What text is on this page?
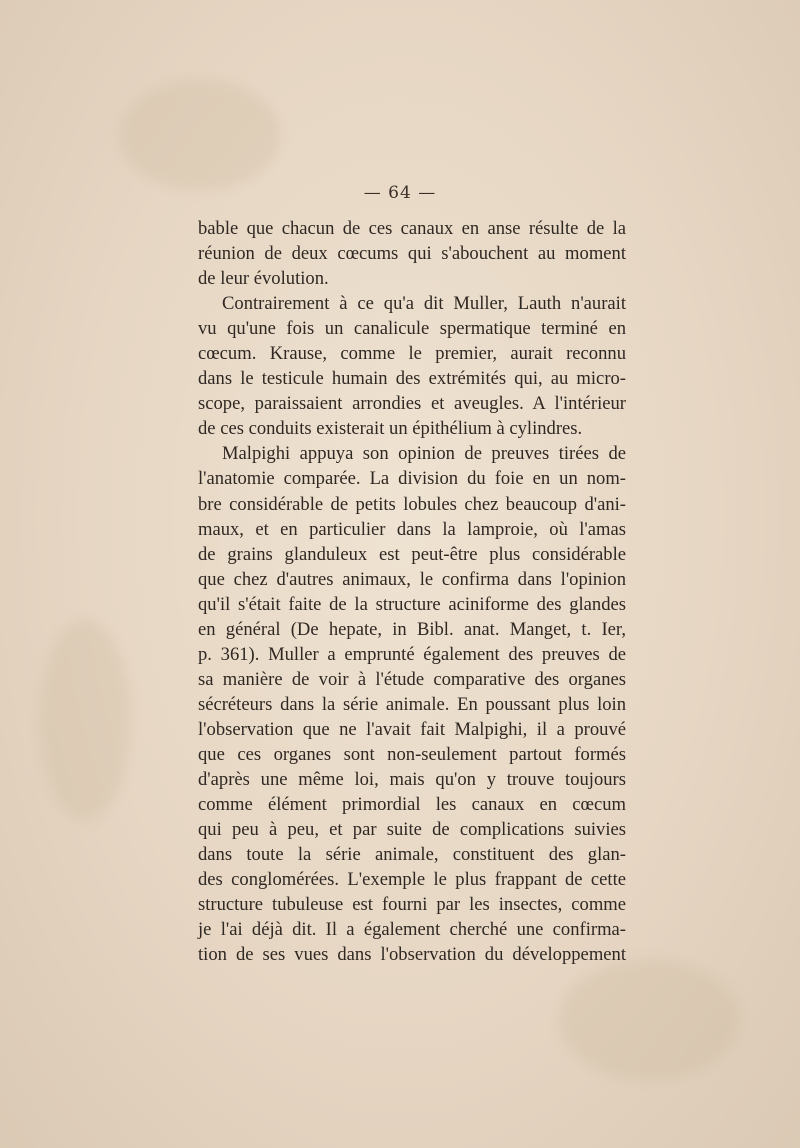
— 64 —
bable que chacun de ces canaux en anse résulte de la
réunion de deux cœcums qui s'abouchent au moment
de leur évolution.
Contrairement à ce qu'a dit Muller, Lauth n'aurait
vu qu'une fois un canalicule spermatique terminé en
cœcum. Krause, comme le premier, aurait reconnu
dans le testicule humain des extrémités qui, au micro-
scope, paraissaient arrondies et aveugles. A l'intérieur
de ces conduits existerait un épithélium à cylindres.
Malpighi appuya son opinion de preuves tirées de
l'anatomie comparée. La division du foie en un nom-
bre considérable de petits lobules chez beaucoup d'ani-
maux, et en particulier dans la lamproie, où l'amas
de grains glanduleux est peut-être plus considérable
que chez d'autres animaux, le confirma dans l'opinion
qu'il s'était faite de la structure aciniforme des glandes
en général (De hepate, in Bibl. anat. Manget, t. Ier,
p. 361). Muller a emprunté également des preuves de
sa manière de voir à l'étude comparative des organes
sécréteurs dans la série animale. En poussant plus loin
l'observation que ne l'avait fait Malpighi, il a prouvé
que ces organes sont non-seulement partout formés
d'après une même loi, mais qu'on y trouve toujours
comme élément primordial les canaux en cœcum
qui peu à peu, et par suite de complications suivies
dans toute la série animale, constituent des glan-
des conglomérées. L'exemple le plus frappant de cette
structure tubuleuse est fourni par les insectes, comme
je l'ai déjà dit. Il a également cherché une confirma-
tion de ses vues dans l'observation du développement
